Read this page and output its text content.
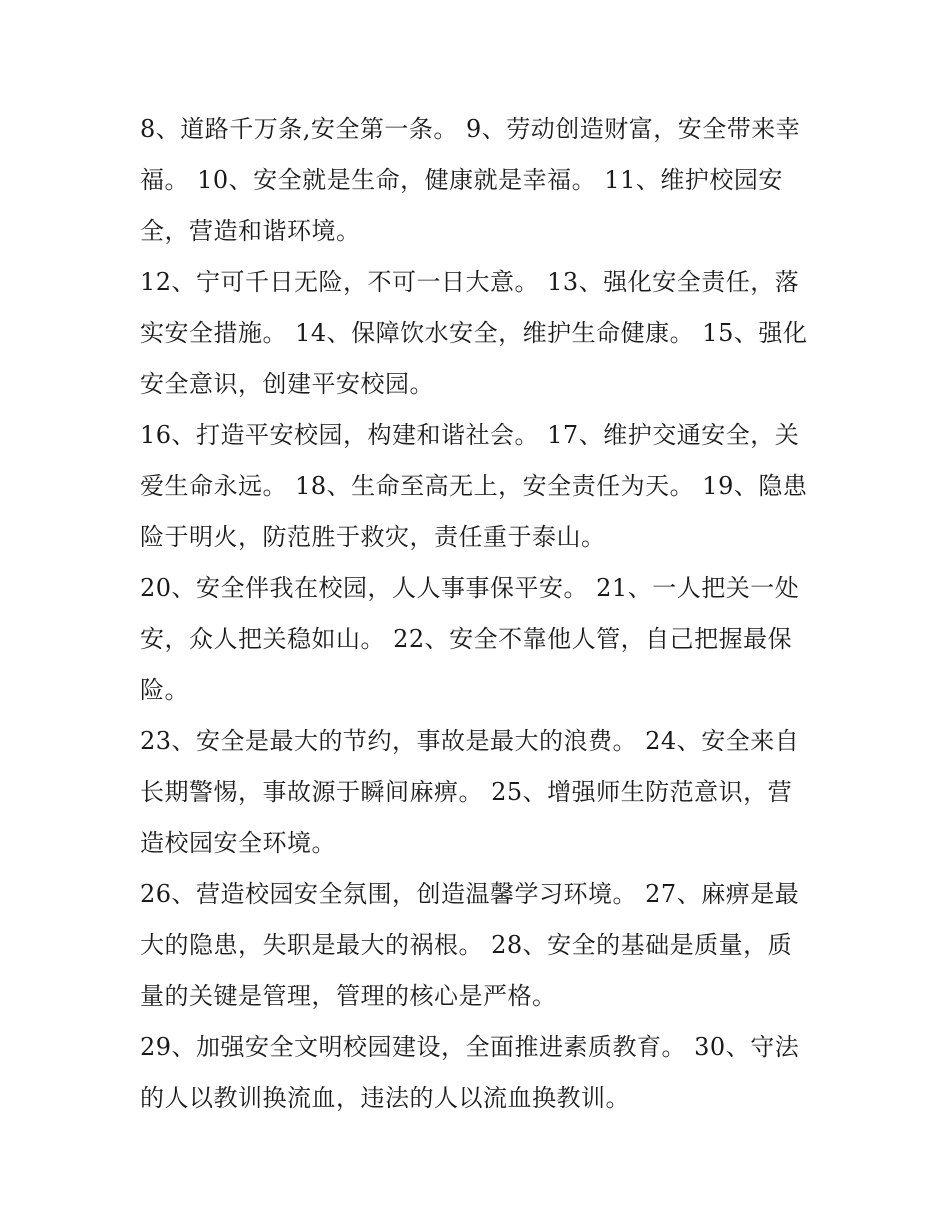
8、道路千万条,安全第一条。 9、劳动创造财富，安全带来幸福。 10、安全就是生命，健康就是幸福。 11、维护校园安全，营造和谐环境。

12、宁可千日无险，不可一日大意。 13、强化安全责任，落实安全措施。 14、保障饮水安全，维护生命健康。 15、强化安全意识，创建平安校园。

16、打造平安校园，构建和谐社会。 17、维护交通安全，关爱生命永远。 18、生命至高无上，安全责任为天。 19、隐患险于明火，防范胜于救灾，责任重于泰山。

20、安全伴我在校园，人人事事保平安。 21、一人把关一处安，众人把关稳如山。 22、安全不靠他人管，自己把握最保险。

23、安全是最大的节约，事故是最大的浪费。 24、安全来自长期警惕，事故源于瞬间麻痹。 25、增强师生防范意识，营造校园安全环境。

26、营造校园安全氛围，创造温馨学习环境。 27、麻痹是最大的隐患，失职是最大的祸根。 28、安全的基础是质量，质量的关键是管理，管理的核心是严格。

29、加强安全文明校园建设，全面推进素质教育。 30、守法的人以教训换流血，违法的人以流血换教训。
